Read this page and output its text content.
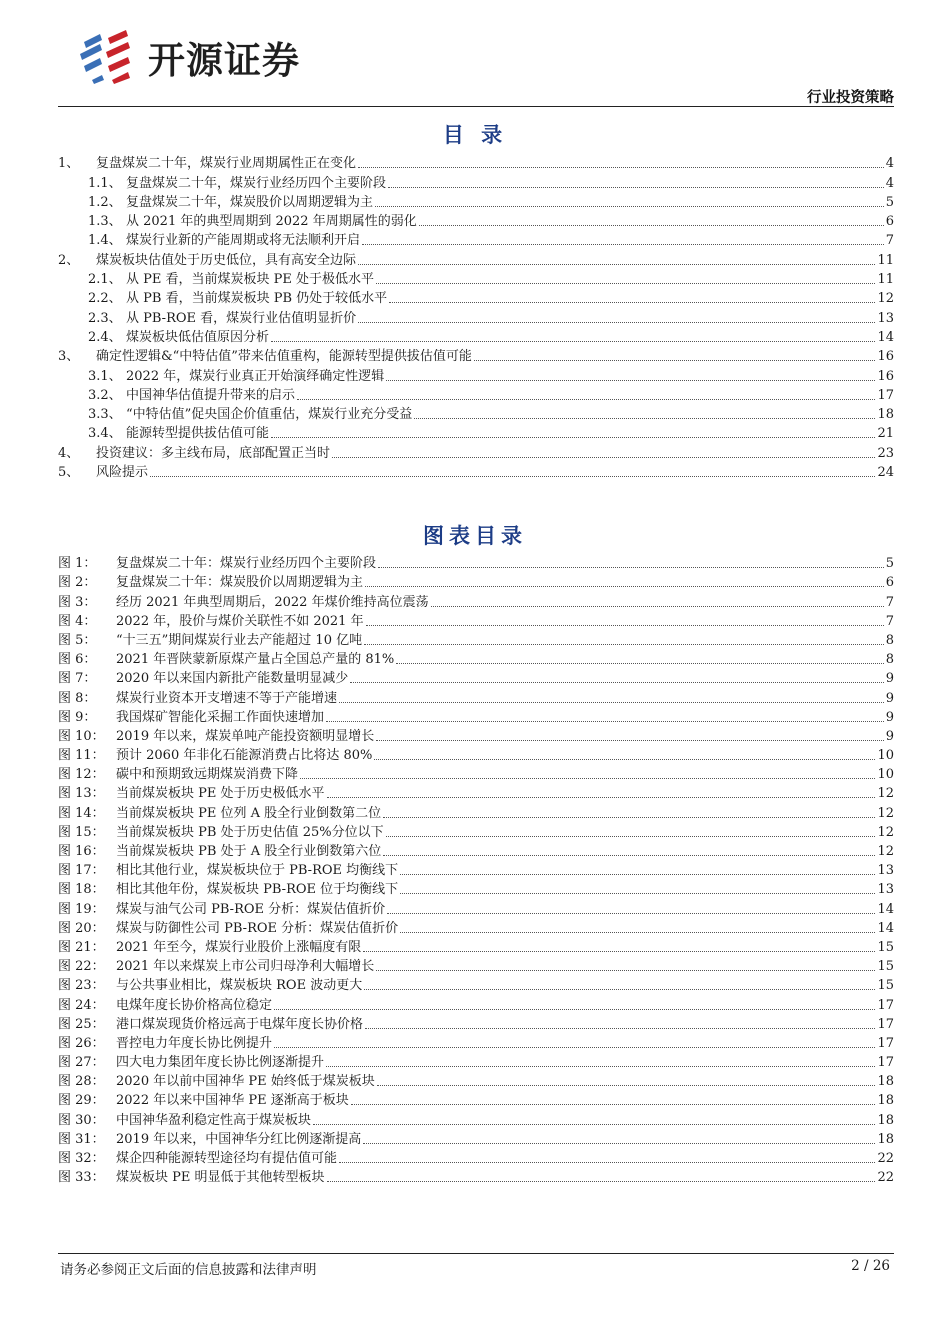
开源证券
行业投资策略
目 录
1、 复盘煤炭二十年，煤炭行业周期属性正在变化	4
1.1、 复盘煤炭二十年，煤炭行业经历四个主要阶段	4
1.2、 复盘煤炭二十年，煤炭股价以周期逻辑为主	5
1.3、 从 2021 年的典型周期到 2022 年周期属性的弱化	6
1.4、 煤炭行业新的产能周期或将无法顺利开启	7
2、 煤炭板块估值处于历史低位，具有高安全边际	11
2.1、 从 PE 看，当前煤炭板块 PE 处于极低水平	11
2.2、 从 PB 看，当前煤炭板块 PB 仍处于较低水平	12
2.3、 从 PB-ROE 看，煤炭行业估值明显折价	13
2.4、 煤炭板块低估值原因分析	14
3、 确定性逻辑&“中特估值”带来估值重构，能源转型提供拔估值可能	16
3.1、 2022 年，煤炭行业真正开始演绎确定性逻辑	16
3.2、 中国神华估值提升带来的启示	17
3.3、 “中特估值”促央国企价值重估，煤炭行业充分受益	18
3.4、 能源转型提供拔估值可能	21
4、 投资建议：多主线布局，底部配置正当时	23
5、 风险提示	24
图表目录
图 1： 复盘煤炭二十年：煤炭行业经历四个主要阶段	5
图 2： 复盘煤炭二十年：煤炭股价以周期逻辑为主	6
图 3： 经历 2021 年典型周期后，2022 年煤价维持高位震荡	7
图 4： 2022 年，股价与煤价关联性不如 2021 年	7
图 5： “十三五”期间煤炭行业去产能超过 10 亿吨	8
图 6： 2021 年晋陕蒙新原煤产量占全国总产量的 81%	8
图 7： 2020 年以来国内新批产能数量明显减少	9
图 8： 煤炭行业资本开支增速不等于产能增速	9
图 9： 我国煤矿智能化采掘工作面快速增加	9
图 10： 2019 年以来，煤炭单吨产能投资额明显增长	9
图 11： 预计 2060 年非化石能源消费占比将达 80%	10
图 12： 碳中和预期致远期煤炭消费下降	10
图 13： 当前煤炭板块 PE 处于历史极低水平	12
图 14： 当前煤炭板块 PE 位列 A 股全行业倒数第二位	12
图 15： 当前煤炭板块 PB 处于历史估值 25%分位以下	12
图 16： 当前煤炭板块 PB 处于 A 股全行业倒数第六位	12
图 17： 相比其他行业，煤炭板块位于 PB-ROE 均衡线下	13
图 18： 相比其他年份，煤炭板块 PB-ROE 位于均衡线下	13
图 19： 煤炭与油气公司 PB-ROE 分析：煤炭估值折价	14
图 20： 煤炭与防御性公司 PB-ROE 分析：煤炭估值折价	14
图 21： 2021 年至今，煤炭行业股价上涨幅度有限	15
图 22： 2021 年以来煤炭上市公司归母净利大幅增长	15
图 23： 与公共事业相比，煤炭板块 ROE 波动更大	15
图 24： 电煤年度长协价格高位稳定	17
图 25： 港口煤炭现货价格远高于电煤年度长协价格	17
图 26： 晋控电力年度长协比例提升	17
图 27： 四大电力集团年度长协比例逐渐提升	17
图 28： 2020 年以前中国神华 PE 始终低于煤炭板块	18
图 29： 2022 年以来中国神华 PE 逐渐高于板块	18
图 30： 中国神华盈利稳定性高于煤炭板块	18
图 31： 2019 年以来，中国神华分红比例逐渐提高	18
图 32： 煤企四种能源转型途径均有提估值可能	22
图 33： 煤炭板块 PE 明显低于其他转型板块	22
请务必参阅正文后面的信息披露和法律声明	2 / 26
